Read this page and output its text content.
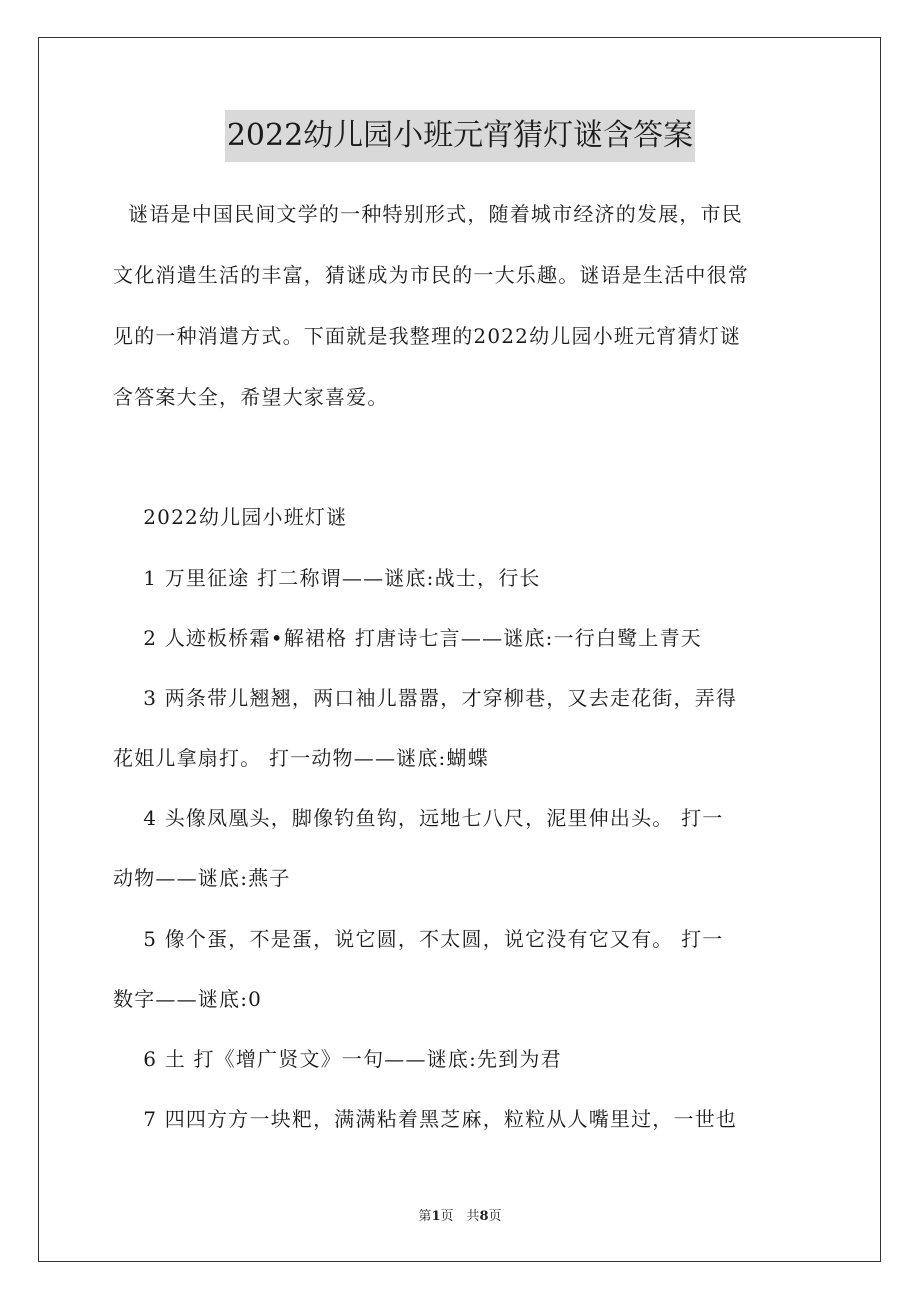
2022幼儿园小班元宵猜灯谜含答案
谜语是中国民间文学的一种特别形式，随着城市经济的发展，市民
文化消遣生活的丰富，猜谜成为市民的一大乐趣。谜语是生活中很常
见的一种消遣方式。下面就是我整理的2022幼儿园小班元宵猜灯谜
含答案大全，希望大家喜爱。
2022幼儿园小班灯谜
1 万里征途 打二称谓——谜底:战士，行长
2 人迹板桥霜•解裙格 打唐诗七言——谜底:一行白鹭上青天
3 两条带儿翘翘，两口袖儿嚣嚣，才穿柳巷，又去走花街，弄得
花姐儿拿扇打。 打一动物——谜底:蝴蝶
4 头像凤凰头，脚像钓鱼钩，远地七八尺，泥里伸出头。 打一
动物——谜底:燕子
5 像个蛋，不是蛋，说它圆，不太圆，说它没有它又有。 打一
数字——谜底:0
6 土 打《增广贤文》一句——谜底:先到为君
7 四四方方一块粑，满满粘着黑芝麻，粒粒从人嘴里过，一世也
第1页　共8页
